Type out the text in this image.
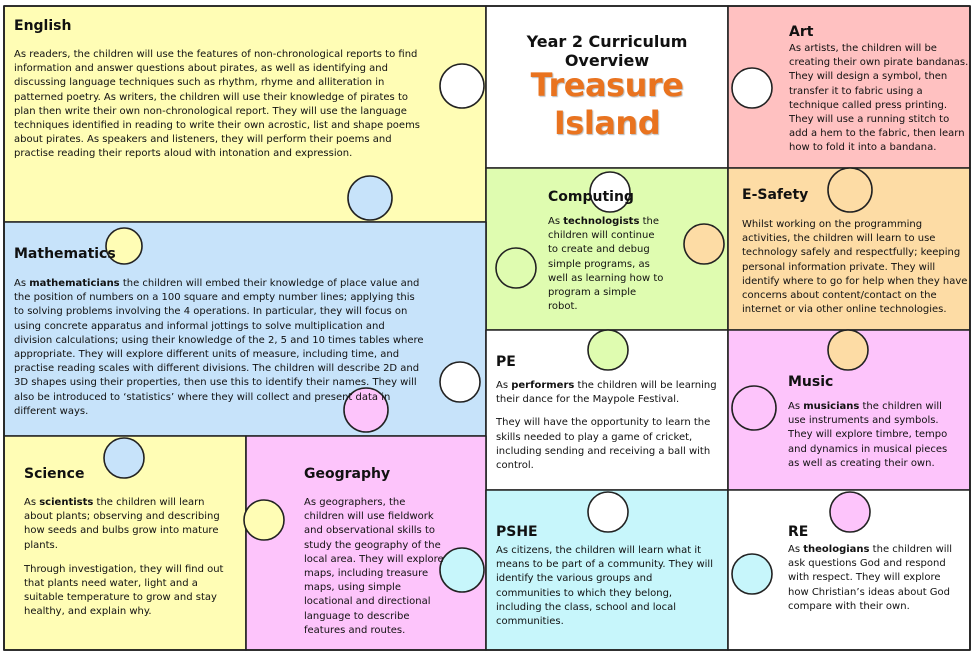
Year 2 Curriculum Overview
Treasure Island
English
As readers, the children will use the features of non-chronological reports to find information and answer questions about pirates, as well as identifying and discussing language techniques such as rhythm, rhyme and alliteration in patterned poetry. As writers, the children will use their knowledge of pirates to plan then write their own non-chronological report. They will use the language techniques identified in reading to write their own acrostic, list and shape poems about pirates. As speakers and listeners, they will perform their poems and practise reading their reports aloud with intonation and expression.
Mathematics
As mathematicians the children will embed their knowledge of place value and the position of numbers on a 100 square and empty number lines; applying this to solving problems involving the 4 operations. In particular, they will focus on using concrete apparatus and informal jottings to solve multiplication and division calculations; using their knowledge of the 2, 5 and 10 times tables where appropriate. They will explore different units of measure, including time, and practise reading scales with different divisions. The children will describe 2D and 3D shapes using their properties, then use this to identify their names. They will also be introduced to ‘statistics’ where they will collect and present data in different ways.
Science

As scientists the children will learn about plants; observing and describing how seeds and bulbs grow into mature plants.

Through investigation, they will find out that plants need water, light and a suitable temperature to grow and stay healthy, and explain why.

Geography
As geographers, the children will use fieldwork and observational skills to study the geography of the local area. They will explore maps, including treasure maps, using simple locational and directional language to describe features and routes.
Computing
As technologists the children will continue to create and debug simple programs, as well as learning how to program a simple robot.
PE

As performers the children will be learning their dance for the Maypole Festival.

They will have the opportunity to learn the skills needed to play a game of cricket, including sending and receiving a ball with control.

PSHE
As citizens, the children will learn what it means to be part of a community. They will identify the various groups and communities to which they belong, including the class, school and local communities.
Art
As artists, the children will be creating their own pirate bandanas. They will design a symbol, then transfer it to fabric using a technique called press printing. They will use a running stitch to add a hem to the fabric, then learn how to fold it into a bandana.
E-Safety
Whilst working on the programming activities, the children will learn to use technology safely and respectfully; keeping personal information private. They will identify where to go for help when they have concerns about content/contact on the internet or via other online technologies.
Music
As musicians the children will use instruments and symbols. They will explore timbre, tempo and dynamics in musical pieces as well as creating their own.
RE
As theologians the children will ask questions God and respond with respect. They will explore how Christian’s ideas about God compare with their own.
